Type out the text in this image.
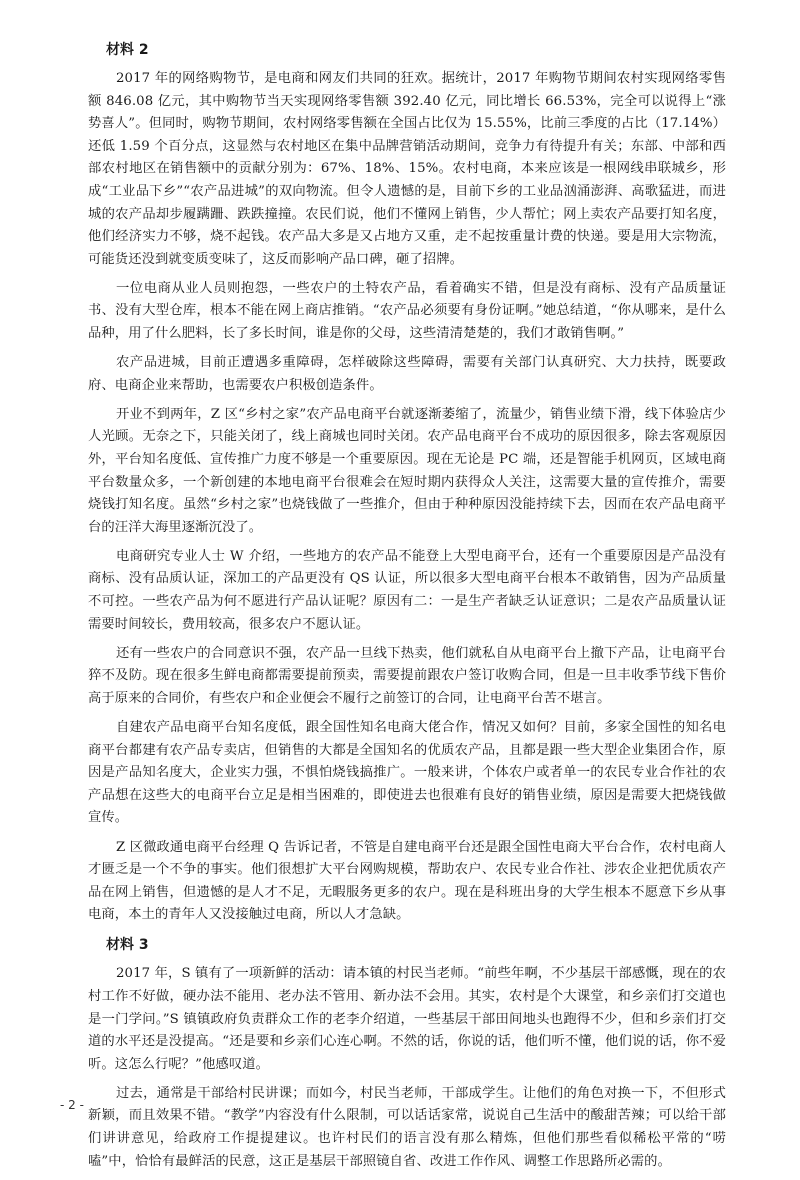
材料 2

2017 年的网络购物节，是电商和网友们共同的狂欢。据统计，2017 年购物节期间农村实现网络零售额 846.08 亿元，其中购物节当天实现网络零售额 392.40 亿元，同比增长 66.53%，完全可以说得上“涨势喜人”。但同时，购物节期间，农村网络零售额在全国占比仅为 15.55%，比前三季度的占比（17.14%）还低 1.59 个百分点，这显然与农村地区在集中品牌营销活动期间，竞争力有待提升有关；东部、中部和西部农村地区在销售额中的贡献分别为：67%、18%、15%。农村电商，本来应该是一根网线串联城乡，形成“工业品下乡”“农产品进城”的双向物流。但令人遗憾的是，目前下乡的工业品汹涌澎湃、高歌猛进，而进城的农产品却步履蹒跚、跌跌撞撞。农民们说，他们不懂网上销售，少人帮忙；网上卖农产品要打知名度，他们经济实力不够，烧不起钱。农产品大多是又占地方又重，走不起按重量计费的快递。要是用大宗物流，可能货还没到就变质变味了，这反而影响产品口碑，砸了招牌。

一位电商从业人员则抱怨，一些农户的土特农产品，看着确实不错，但是没有商标、没有产品质量证书、没有大型仓库，根本不能在网上商店推销。“农产品必须要有身份证啊。”她总结道，“你从哪来，是什么品种，用了什么肥料，长了多长时间，谁是你的父母，这些清清楚楚的，我们才敢销售啊。”

农产品进城，目前正遭遇多重障碍，怎样破除这些障碍，需要有关部门认真研究、大力扶持，既要政府、电商企业来帮助，也需要农户积极创造条件。

开业不到两年，Z 区“乡村之家”农产品电商平台就逐渐萎缩了，流量少，销售业绩下滑，线下体验店少人光顾。无奈之下，只能关闭了，线上商城也同时关闭。农产品电商平台不成功的原因很多，除去客观原因外，平台知名度低、宣传推广力度不够是一个重要原因。现在无论是 PC 端，还是智能手机网页，区域电商平台数量众多，一个新创建的本地电商平台很难会在短时期内获得众人关注，这需要大量的宣传推介，需要烧钱打知名度。虽然“乡村之家”也烧钱做了一些推介，但由于种种原因没能持续下去，因而在农产品电商平台的汪洋大海里逐渐沉没了。

电商研究专业人士 W 介绍，一些地方的农产品不能登上大型电商平台，还有一个重要原因是产品没有商标、没有品质认证，深加工的产品更没有 QS 认证，所以很多大型电商平台根本不敢销售，因为产品质量不可控。一些农产品为何不愿进行产品认证呢？原因有二：一是生产者缺乏认证意识；二是农产品质量认证需要时间较长，费用较高，很多农户不愿认证。

还有一些农户的合同意识不强，农产品一旦线下热卖，他们就私自从电商平台上撤下产品，让电商平台猝不及防。现在很多生鲜电商都需要提前预卖，需要提前跟农户签订收购合同，但是一旦丰收季节线下售价高于原来的合同价，有些农户和企业便会不履行之前签订的合同，让电商平台苦不堪言。

自建农产品电商平台知名度低，跟全国性知名电商大佬合作，情况又如何？目前，多家全国性的知名电商平台都建有农产品专卖店，但销售的大都是全国知名的优质农产品，且都是跟一些大型企业集团合作，原因是产品知名度大，企业实力强，不惧怕烧钱搞推广。一般来讲，个体农户或者单一的农民专业合作社的农产品想在这些大的电商平台立足是相当困难的，即使进去也很难有良好的销售业绩，原因是需要大把烧钱做宣传。

Z 区微政通电商平台经理 Q 告诉记者，不管是自建电商平台还是跟全国性电商大平台合作，农村电商人才匮乏是一个不争的事实。他们很想扩大平台网购规模，帮助农户、农民专业合作社、涉农企业把优质农产品在网上销售，但遗憾的是人才不足，无暇服务更多的农户。现在是科班出身的大学生根本不愿意下乡从事电商，本土的青年人又没接触过电商，所以人才急缺。

材料 3

2017 年，S 镇有了一项新鲜的活动：请本镇的村民当老师。“前些年啊，不少基层干部感慨，现在的农村工作不好做，硬办法不能用、老办法不管用、新办法不会用。其实，农村是个大课堂，和乡亲们打交道也是一门学问。”S 镇镇政府负责群众工作的老李介绍道，一些基层干部田间地头也跑得不少，但和乡亲们打交道的水平还是没提高。“还是要和乡亲们心连心啊。不然的话，你说的话，他们听不懂，他们说的话，你不爱听。这怎么行呢？”他感叹道。

过去，通常是干部给村民讲课；而如今，村民当老师，干部成学生。让他们的角色对换一下，不但形式新颖，而且效果不错。“教学”内容没有什么限制，可以话话家常，说说自己生活中的酸甜苦辣；可以给干部们讲讲意见，给政府工作提提建议。也许村民们的语言没有那么精炼，但他们那些看似稀松平常的“唠嗑”中，恰恰有最鲜活的民意，这正是基层干部照镜自省、改进工作作风、调整工作思路所必需的。

- 2 -
